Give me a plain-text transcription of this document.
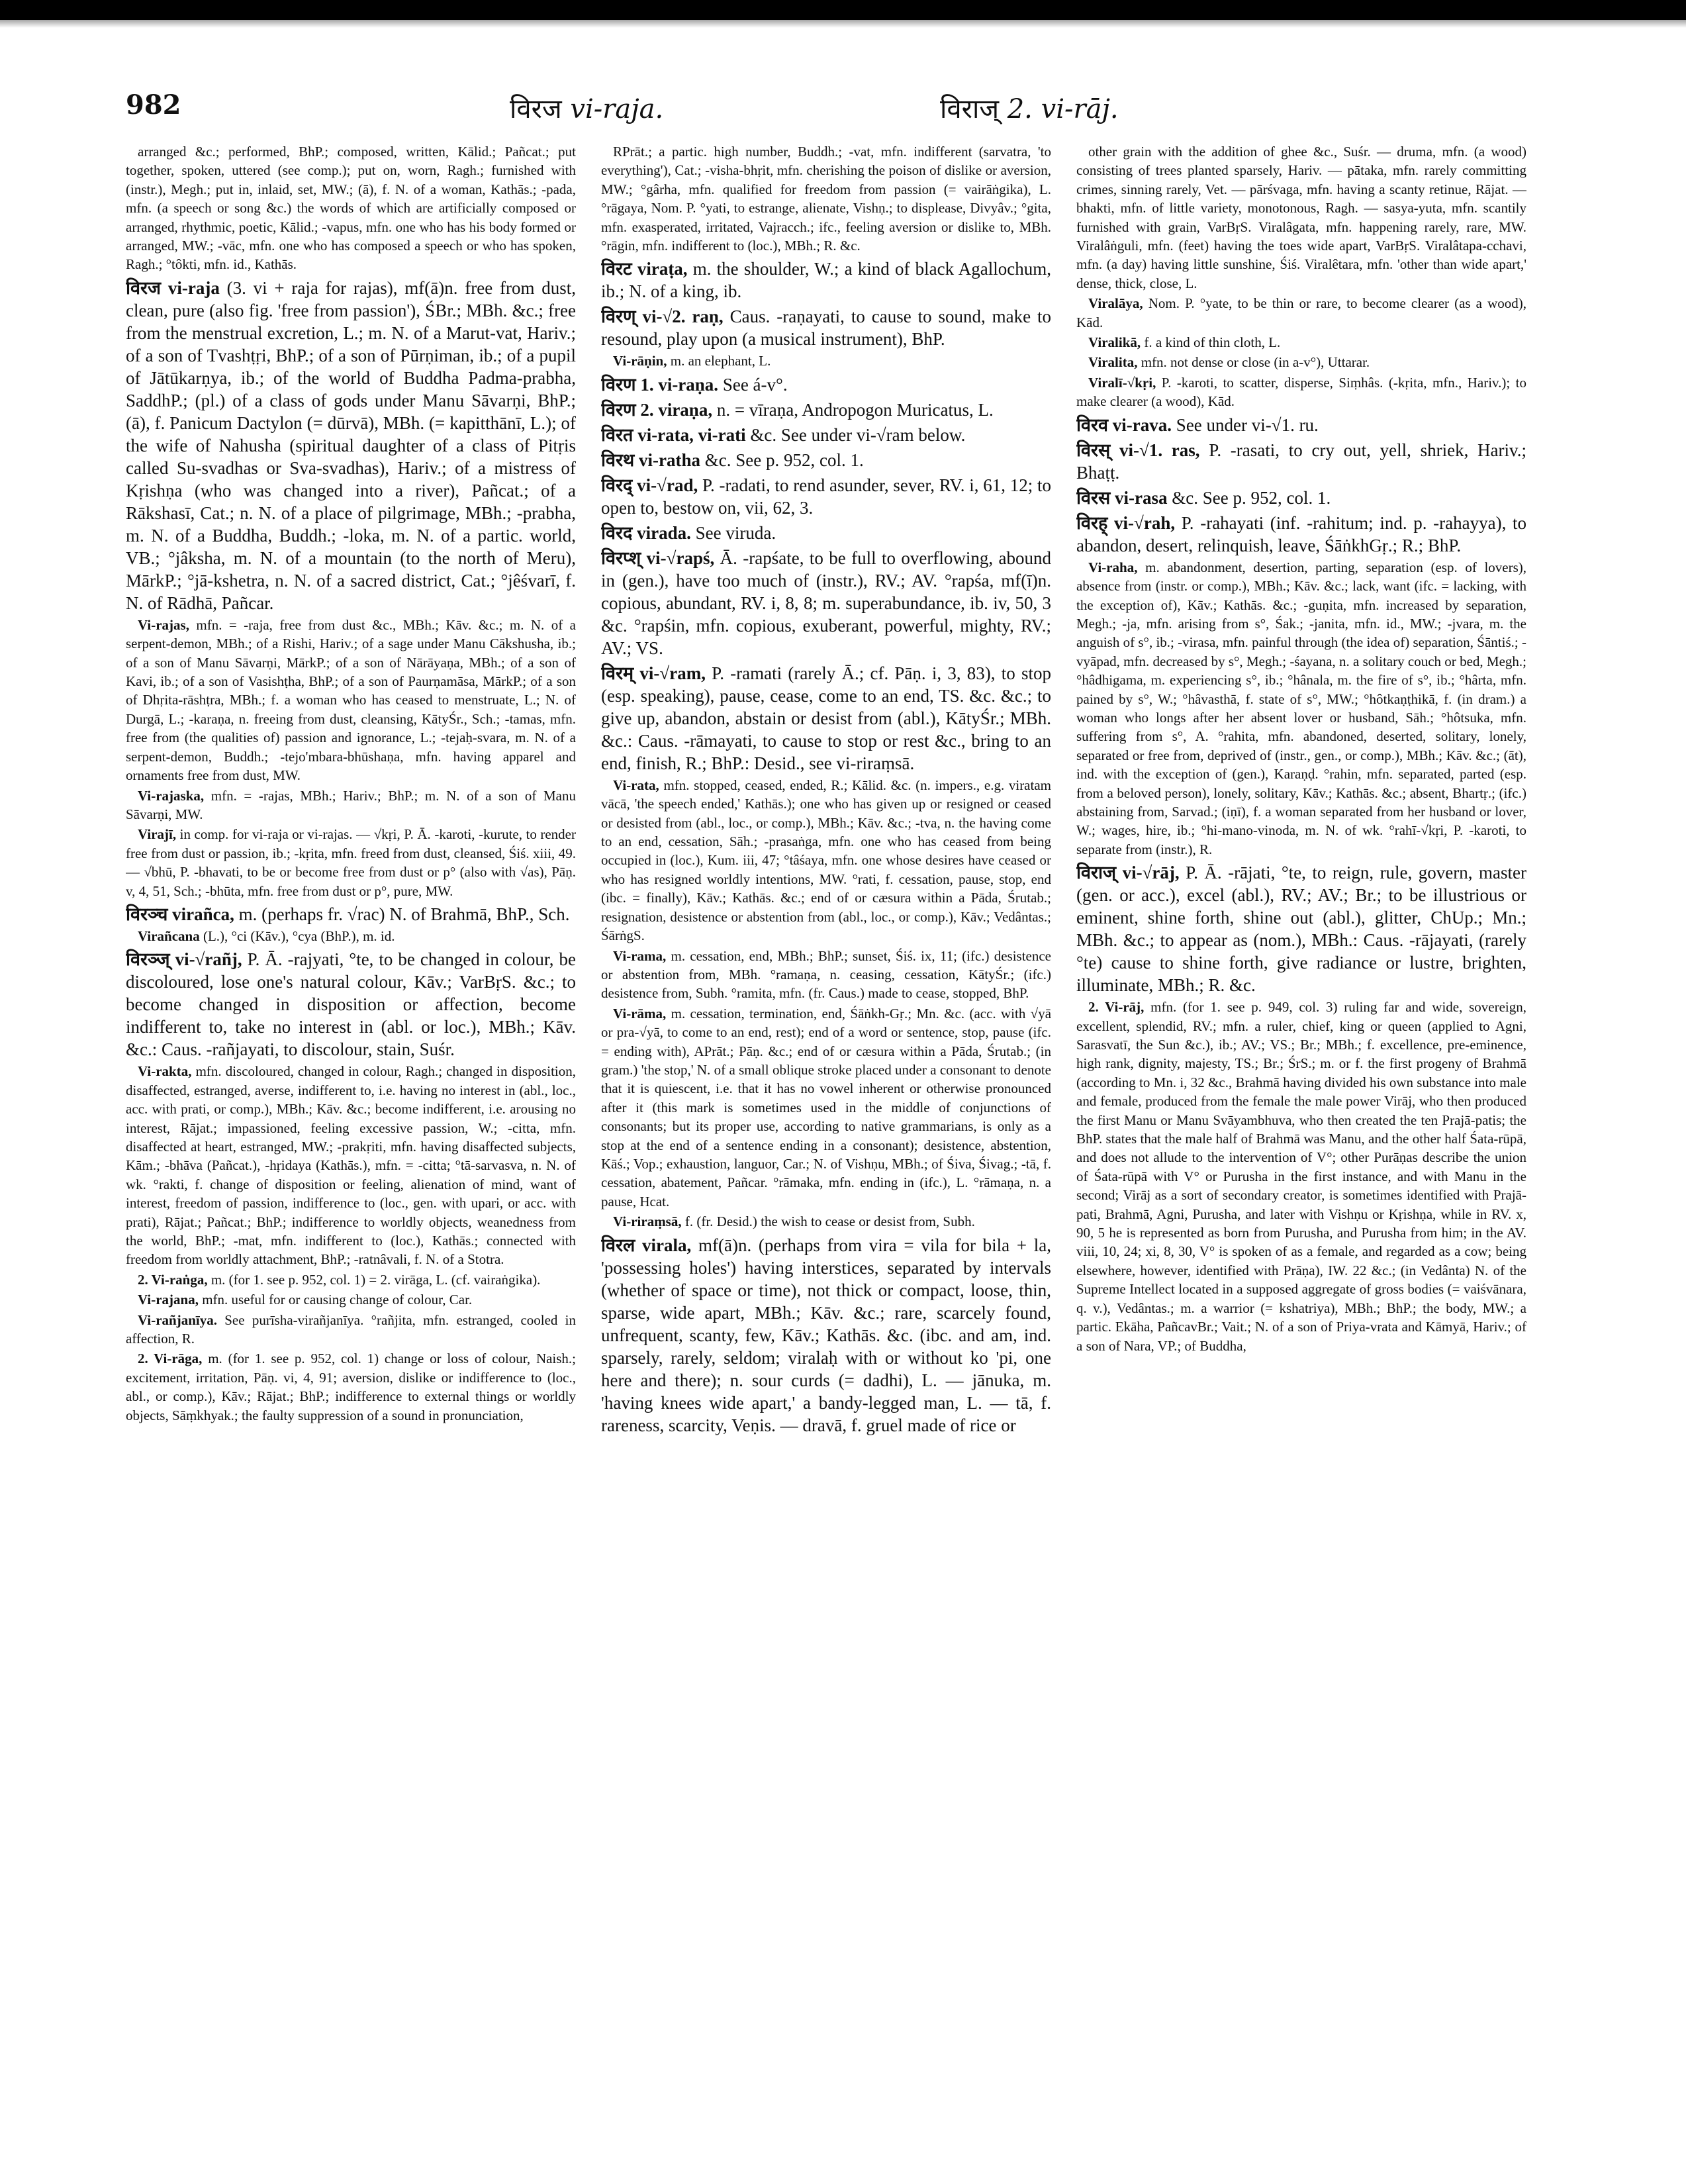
982	विरज vi-raja.	विराज् 2. vi-rāj.

arranged &c.; performed, BhP.; composed, written, Kālid.; Pañcat.; put together, spoken, uttered (see comp.); put on, worn, Ragh.; furnished with (instr.), Megh.; put in, inlaid, set, MW.; (ā), f. N. of a woman, Kathās.; -pada, mfn. (a speech or song &c.) the words of which are artificially composed or arranged, rhythmic, poetic, Kālid.; -vapus, mfn. one who has his body formed or arranged, MW.; -vāc, mfn. one who has composed a speech or who has spoken, Ragh.; °tôkti, mfn. id., Kathās.

विरज vi-raja (3. vi + raja for rajas), mf(ā)n. free from dust, clean, pure (also fig. 'free from passion'), ŚBr.; MBh. &c.; free from the menstrual excretion, L.; m. N. of a Marut-vat, Hariv.; of a son of Tvashṭṛi, BhP.; of a son of Pūrṇiman, ib.; of a pupil of Jātūkarṇya, ib.; of the world of Buddha Padma-prabha, SaddhP.; (pl.) of a class of gods under Manu Sāvarṇi, BhP.; (ā), f. Panicum Dactylon (= dūrvā), MBh. (= kapitthānī, L.); of the wife of Nahusha (spiritual daughter of a class of Pitṛis called Su-svadhas or Sva-svadhas), Hariv.; of a mistress of Kṛishṇa (who was changed into a river), Pañcat.; of a Rākshasī, Cat.; n. N. of a place of pilgrimage, MBh.; -prabha, m. N. of a Buddha, Buddh.; -loka, m. N. of a partic. world, VB.; °jâksha, m. N. of a mountain (to the north of Meru), MārkP.; °jā-kshetra, n. N. of a sacred district, Cat.; °jêśvarī, f. N. of Rādhā, Pañcar.

Vi-rajas, mfn. = -raja, free from dust &c., MBh.; Kāv. &c.; m. N. of a serpent-demon, MBh.; of a Rishi, Hariv.; of a sage under Manu Cākshusha, ib.; of a son of Manu Sāvarṇi, MārkP.; of a son of Nārāyaṇa, MBh.; of a son of Kavi, ib.; of a son of Vasishṭha, BhP.; of a son of Paurṇamāsa, MārkP.; of a son of Dhṛita-rāshṭra, MBh.; f. a woman who has ceased to menstruate, L.; N. of Durgā, L.; -karaṇa, n. freeing from dust, cleansing, KātyŚr., Sch.; -tamas, mfn. free from (the qualities of) passion and ignorance, L.; -tejaḥ-svara, m. N. of a serpent-demon, Buddh.; -tejo'mbara-bhūshaṇa, mfn. having apparel and ornaments free from dust, MW.

Vi-rajaska, mfn. = -rajas, MBh.; Hariv.; BhP.; m. N. of a son of Manu Sāvarṇi, MW.

Virajī, in comp. for vi-raja or vi-rajas. — √kṛi, P. Ā. -karoti, -kurute, to render free from dust or passion, ib.; -kṛita, mfn. freed from dust, cleansed, Śiś. xiii, 49. — √bhū, P. -bhavati, to be or become free from dust or p° (also with √as), Pāṇ. v, 4, 51, Sch.; -bhūta, mfn. free from dust or p°, pure, MW.

विरञ्च virañca, m. (perhaps fr. √rac) N. of Brahmā, BhP., Sch.

Virañcana (L.), °ci (Kāv.), °cya (BhP.), m. id.

विरञ्ज् vi-√rañj, P. Ā. -rajyati, °te, to be changed in colour, be discoloured, lose one's natural colour, Kāv.; VarBṛS. &c.; to become changed in disposition or affection, become indifferent to, take no interest in (abl. or loc.), MBh.; Kāv. &c.: Caus. -rañjayati, to discolour, stain, Suśr.

Vi-rakta, mfn. discoloured, changed in colour, Ragh.; changed in disposition, disaffected, estranged, averse, indifferent to, i.e. having no interest in (abl., loc., acc. with prati, or comp.), MBh.; Kāv. &c.; become indifferent, i.e. arousing no interest, Rājat.; impassioned, feeling excessive passion, W.; -citta, mfn. disaffected at heart, estranged, MW.; -prakṛiti, mfn. having disaffected subjects, Kām.; -bhāva (Pañcat.), -hṛidaya (Kathās.), mfn. = -citta; °tā-sarvasva, n. N. of wk. °rakti, f. change of disposition or feeling, alienation of mind, want of interest, freedom of passion, indifference to (loc., gen. with upari, or acc. with prati), Rājat.; Pañcat.; BhP.; indifference to worldly objects, weanedness from the world, BhP.; -mat, mfn. indifferent to (loc.), Kathās.; connected with freedom from worldly attachment, BhP.; -ratnâvali, f. N. of a Stotra.

2. Vi-raṅga, m. (for 1. see p. 952, col. 1) = 2. virāga, L. (cf. vairaṅgika).

Vi-rajana, mfn. useful for or causing change of colour, Car.

Vi-rañjanīya. See purīsha-virañjanīya. °rañjita, mfn. estranged, cooled in affection, R.

2. Vi-rāga, m. (for 1. see p. 952, col. 1) change or loss of colour, Naish.; excitement, irritation, Pāṇ. vi, 4, 91; aversion, dislike or indifference to (loc., abl., or comp.), Kāv.; Rājat.; BhP.; indifference to external things or worldly objects, Sāṃkhyak.; the faulty suppression of a sound in pronunciation,

RPrāt.; a partic. high number, Buddh.; -vat, mfn. indifferent (sarvatra, 'to everything'), Cat.; -visha-bhṛit, mfn. cherishing the poison of dislike or aversion, MW.; °gârha, mfn. qualified for freedom from passion (= vairāṅgika), L. °rāgaya, Nom. P. °yati, to estrange, alienate, Vishṇ.; to displease, Divyâv.; °gita, mfn. exasperated, irritated, Vajracch.; ifc., feeling aversion or dislike to, MBh. °rāgin, mfn. indifferent to (loc.), MBh.; R. &c.

विरट viraṭa, m. the shoulder, W.; a kind of black Agallochum, ib.; N. of a king, ib.

विरण् vi-√2. raṇ, Caus. -raṇayati, to cause to sound, make to resound, play upon (a musical instrument), BhP.

Vi-rāṇin, m. an elephant, L.

विरण 1. vi-raṇa. See á-v°.

विरण 2. viraṇa, n. = vīraṇa, Andropogon Muricatus, L.

विरत vi-rata, vi-rati &c. See under vi-√ram below.

विरथ vi-ratha &c. See p. 952, col. 1.

विरद् vi-√rad, P. -radati, to rend asunder, sever, RV. i, 61, 12; to open to, bestow on, vii, 62, 3.

विरद virada. See viruda.

विरप्श् vi-√rapś, Ā. -rapśate, to be full to overflowing, abound in (gen.), have too much of (instr.), RV.; AV. °rapśa, mf(ī)n. copious, abundant, RV. i, 8, 8; m. superabundance, ib. iv, 50, 3 &c. °rapśin, mfn. copious, exuberant, powerful, mighty, RV.; AV.; VS.

विरम् vi-√ram, P. -ramati (rarely Ā.; cf. Pāṇ. i, 3, 83), to stop (esp. speaking), pause, cease, come to an end, TS. &c. &c.; to give up, abandon, abstain or desist from (abl.), KātyŚr.; MBh. &c.: Caus. -rāmayati, to cause to stop or rest &c., bring to an end, finish, R.; BhP.: Desid., see vi-riraṃsā.

Vi-rata, mfn. stopped, ceased, ended, R.; Kālid. &c. (n. impers., e.g. viratam vācā, 'the speech ended,' Kathās.); one who has given up or resigned or ceased or desisted from (abl., loc., or comp.), MBh.; Kāv. &c.; -tva, n. the having come to an end, cessation, Sāh.; -prasaṅga, mfn. one who has ceased from being occupied in (loc.), Kum. iii, 47; °tâśaya, mfn. one whose desires have ceased or who has resigned worldly intentions, MW. °rati, f. cessation, pause, stop, end (ibc. = finally), Kāv.; Kathās. &c.; end of or cæsura within a Pāda, Śrutab.; resignation, desistence or abstention from (abl., loc., or comp.), Kāv.; Vedântas.; ŚārṅgS.

Vi-rama, m. cessation, end, MBh.; BhP.; sunset, Śiś. ix, 11; (ifc.) desistence or abstention from, MBh. °ramaṇa, n. ceasing, cessation, KātyŚr.; (ifc.) desistence from, Subh. °ramita, mfn. (fr. Caus.) made to cease, stopped, BhP.

Vi-rāma, m. cessation, termination, end, Śāṅkh-Gṛ.; Mn. &c. (acc. with √yā or pra-√yā, to come to an end, rest); end of a word or sentence, stop, pause (ifc. = ending with), APrāt.; Pāṇ. &c.; end of or cæsura within a Pāda, Śrutab.; (in gram.) 'the stop,' N. of a small oblique stroke placed under a consonant to denote that it is quiescent, i.e. that it has no vowel inherent or otherwise pronounced after it (this mark is sometimes used in the middle of conjunctions of consonants; but its proper use, according to native grammarians, is only as a stop at the end of a sentence ending in a consonant); desistence, abstention, Kāś.; Vop.; exhaustion, languor, Car.; N. of Vishṇu, MBh.; of Śiva, Śivag.; -tā, f. cessation, abatement, Pañcar. °rāmaka, mfn. ending in (ifc.), L. °rāmaṇa, n. a pause, Hcat.

Vi-riraṃsā, f. (fr. Desid.) the wish to cease or desist from, Subh.

विरल virala, mf(ā)n. (perhaps from vira = vila for bila + la, 'possessing holes') having interstices, separated by intervals (whether of space or time), not thick or compact, loose, thin, sparse, wide apart, MBh.; Kāv. &c.; rare, scarcely found, unfrequent, scanty, few, Kāv.; Kathās. &c. (ibc. and am, ind. sparsely, rarely, seldom; viralaḥ with or without ko 'pi, one here and there); n. sour curds (= dadhi), L. — jānuka, m. 'having knees wide apart,' a bandy-legged man, L. — tā, f. rareness, scarcity, Veṇis. — dravā, f. gruel made of rice or

other grain with the addition of ghee &c., Suśr. — druma, mfn. (a wood) consisting of trees planted sparsely, Hariv. — pātaka, mfn. rarely committing crimes, sinning rarely, Vet. — pārśvaga, mfn. having a scanty retinue, Rājat. — bhakti, mfn. of little variety, monotonous, Ragh. — sasya-yuta, mfn. scantily furnished with grain, VarBṛS. Viralâgata, mfn. happening rarely, rare, MW. Viralâṅguli, mfn. (feet) having the toes wide apart, VarBṛS. Viralâtapa-cchavi, mfn. (a day) having little sunshine, Śiś. Viralêtara, mfn. 'other than wide apart,' dense, thick, close, L.

Viralāya, Nom. P. °yate, to be thin or rare, to become clearer (as a wood), Kād.

Viralikā, f. a kind of thin cloth, L.

Viralita, mfn. not dense or close (in a-v°), Uttarar.

Viralī-√kṛi, P. -karoti, to scatter, disperse, Siṃhâs. (-kṛita, mfn., Hariv.); to make clearer (a wood), Kād.

विरव vi-rava. See under vi-√1. ru.

विरस् vi-√1. ras, P. -rasati, to cry out, yell, shriek, Hariv.; Bhaṭṭ.

विरस vi-rasa &c. See p. 952, col. 1.

विरह् vi-√rah, P. -rahayati (inf. -rahitum; ind. p. -rahayya), to abandon, desert, relinquish, leave, ŚāṅkhGṛ.; R.; BhP.

Vi-raha, m. abandonment, desertion, parting, separation (esp. of lovers), absence from (instr. or comp.), MBh.; Kāv. &c.; lack, want (ifc. = lacking, with the exception of), Kāv.; Kathās. &c.; -guṇita, mfn. increased by separation, Megh.; -ja, mfn. arising from s°, Śak.; -janita, mfn. id., MW.; -jvara, m. the anguish of s°, ib.; -virasa, mfn. painful through (the idea of) separation, Śāntiś.; -vyāpad, mfn. decreased by s°, Megh.; -śayana, n. a solitary couch or bed, Megh.; °hâdhigama, m. experiencing s°, ib.; °hânala, m. the fire of s°, ib.; °hârta, mfn. pained by s°, W.; °hâvasthā, f. state of s°, MW.; °hôtkaṇṭhikā, f. (in dram.) a woman who longs after her absent lover or husband, Sāh.; °hôtsuka, mfn. suffering from s°, A. °rahita, mfn. abandoned, deserted, solitary, lonely, separated or free from, deprived of (instr., gen., or comp.), MBh.; Kāv. &c.; (āt), ind. with the exception of (gen.), Karaṇḍ. °rahin, mfn. separated, parted (esp. from a beloved person), lonely, solitary, Kāv.; Kathās. &c.; absent, Bhartṛ.; (ifc.) abstaining from, Sarvad.; (iṇī), f. a woman separated from her husband or lover, W.; wages, hire, ib.; °hi-mano-vinoda, m. N. of wk. °rahī-√kṛi, P. -karoti, to separate from (instr.), R.

विराज् vi-√rāj, P. Ā. -rājati, °te, to reign, rule, govern, master (gen. or acc.), excel (abl.), RV.; AV.; Br.; to be illustrious or eminent, shine forth, shine out (abl.), glitter, ChUp.; Mn.; MBh. &c.; to appear as (nom.), MBh.: Caus. -rājayati, (rarely °te) cause to shine forth, give radiance or lustre, brighten, illuminate, MBh.; R. &c.

2. Vi-rāj, mfn. (for 1. see p. 949, col. 3) ruling far and wide, sovereign, excellent, splendid, RV.; mfn. a ruler, chief, king or queen (applied to Agni, Sarasvatī, the Sun &c.), ib.; AV.; VS.; Br.; MBh.; f. excellence, pre-eminence, high rank, dignity, majesty, TS.; Br.; ŚrS.; m. or f. the first progeny of Brahmā (according to Mn. i, 32 &c., Brahmā having divided his own substance into male and female, produced from the female the male power Virāj, who then produced the first Manu or Manu Svāyambhuva, who then created the ten Prajā-patis; the BhP. states that the male half of Brahmā was Manu, and the other half Śata-rūpā, and does not allude to the intervention of V°; other Purāṇas describe the union of Śata-rūpā with V° or Purusha in the first instance, and with Manu in the second; Virāj as a sort of secondary creator, is sometimes identified with Prajā-pati, Brahmā, Agni, Purusha, and later with Vishṇu or Kṛishṇa, while in RV. x, 90, 5 he is represented as born from Purusha, and Purusha from him; in the AV. viii, 10, 24; xi, 8, 30, V° is spoken of as a female, and regarded as a cow; being elsewhere, however, identified with Prāṇa), IW. 22 &c.; (in Vedânta) N. of the Supreme Intellect located in a supposed aggregate of gross bodies (= vaiśvānara, q. v.), Vedântas.; m. a warrior (= kshatriya), MBh.; BhP.; the body, MW.; a partic. Ekāha, PañcavBr.; Vait.; N. of a son of Priya-vrata and Kāmyā, Hariv.; of a son of Nara, VP.; of Buddha,
